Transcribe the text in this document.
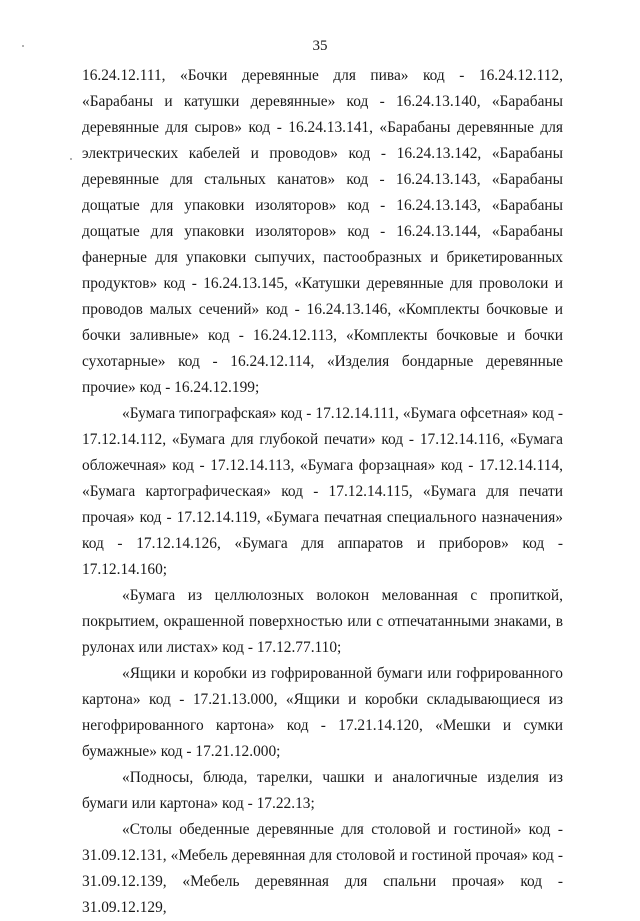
35

16.24.12.111, «Бочки деревянные для пива» код - 16.24.12.112, «Барабаны и катушки деревянные» код - 16.24.13.140, «Барабаны деревянные для сыров» код - 16.24.13.141, «Барабаны деревянные для электрических кабелей и проводов» код - 16.24.13.142, «Барабаны деревянные для стальных канатов» код - 16.24.13.143, «Барабаны дощатые для упаковки изоляторов» код - 16.24.13.143, «Барабаны дощатые для упаковки изоляторов» код - 16.24.13.144, «Барабаны фанерные для упаковки сыпучих, пастообразных и брикетированных продуктов» код - 16.24.13.145, «Катушки деревянные для проволоки и проводов малых сечений» код - 16.24.13.146, «Комплекты бочковые и бочки заливные» код - 16.24.12.113, «Комплекты бочковые и бочки сухотарные» код - 16.24.12.114, «Изделия бондарные деревянные прочие» код - 16.24.12.199;

«Бумага типографская» код - 17.12.14.111, «Бумага офсетная» код - 17.12.14.112, «Бумага для глубокой печати» код - 17.12.14.116, «Бумага обложечная» код - 17.12.14.113, «Бумага форзацная» код - 17.12.14.114, «Бумага картографическая» код - 17.12.14.115, «Бумага для печати прочая» код - 17.12.14.119, «Бумага печатная специального назначения» код - 17.12.14.126, «Бумага для аппаратов и приборов» код - 17.12.14.160;

«Бумага из целлюлозных волокон мелованная с пропиткой, покрытием, окрашенной поверхностью или с отпечатанными знаками, в рулонах или листах» код - 17.12.77.110;

«Ящики и коробки из гофрированной бумаги или гофрированного картона» код - 17.21.13.000, «Ящики и коробки складывающиеся из негофрированного картона» код - 17.21.14.120, «Мешки и сумки бумажные» код - 17.21.12.000;

«Подносы, блюда, тарелки, чашки и аналогичные изделия из бумаги или картона» код - 17.22.13;

«Столы обеденные деревянные для столовой и гостиной» код - 31.09.12.131, «Мебель деревянная для столовой и гостиной прочая» код - 31.09.12.139, «Мебель деревянная для спальни прочая» код - 31.09.12.129,
